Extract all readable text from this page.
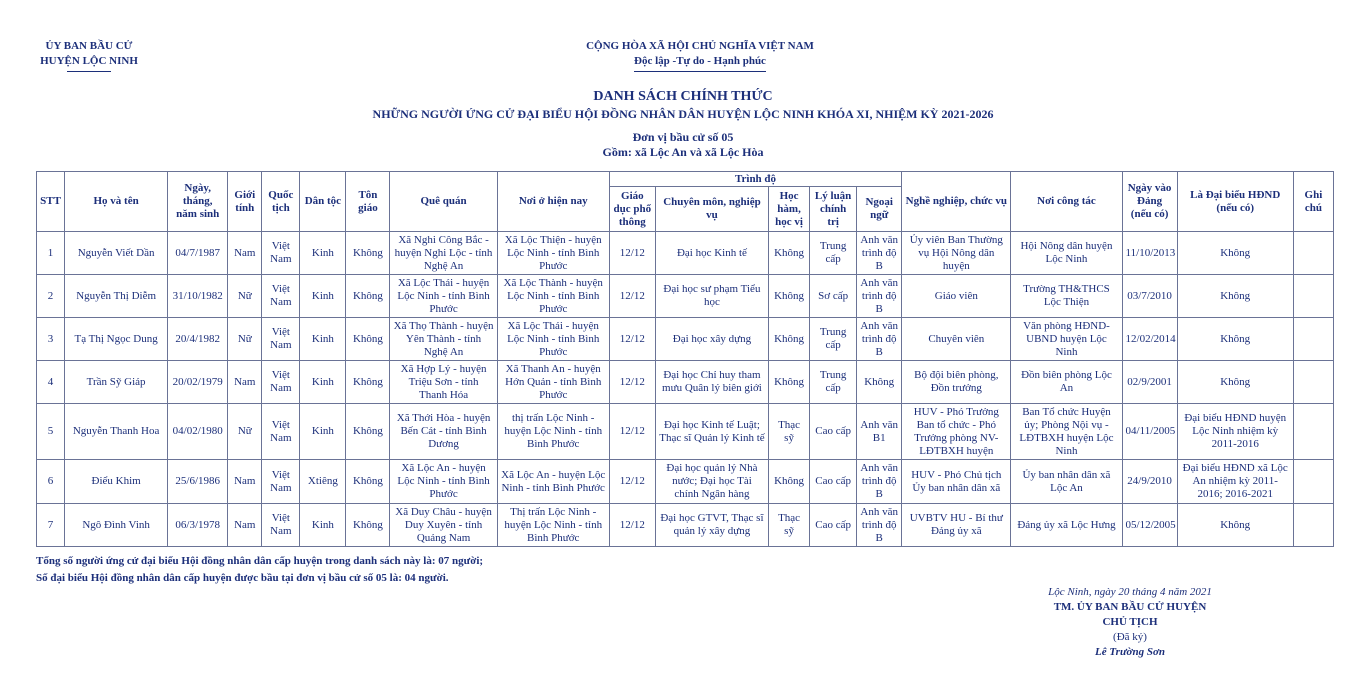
ỦY BAN BẦU CỬ
HUYỆN LỘC NINH
CỘNG HÒA XÃ HỘI CHỦ NGHĨA VIỆT NAM
Độc lập -Tự do - Hạnh phúc
DANH SÁCH CHÍNH THỨC
NHỮNG NGƯỜI ỨNG CỬ ĐẠI BIỂU HỘI ĐỒNG NHÂN DÂN HUYỆN LỘC NINH KHÓA XI, NHIỆM KỲ 2021-2026
Đơn vị bầu cử số 05
Gồm: xã Lộc An và xã Lộc Hòa
STT	Họ và tên	Ngày, tháng, năm sinh	Giới tính	Quốc tịch	Dân tộc	Tôn giáo	Quê quán	Nơi ở hiện nay	Trình độ					Nghề nghiệp, chức vụ	Nơi công tác	Ngày vào Đảng (nếu có)	Là Đại biểu HĐND (nếu có)	Ghi chú
									Giáo dục phổ thông	Chuyên môn, nghiệp vụ	Học hàm, học vị	Lý luận chính trị	Ngoại ngữ					
1	Nguyễn Viết Dần	04/7/1987	Nam	Việt Nam	Kinh	Không	Xã Nghi Công Bắc - huyện Nghi Lộc - tỉnh Nghệ An	Xã Lộc Thiện - huyện Lộc Ninh - tỉnh Bình Phước	12/12	Đại học Kinh tế	Không	Trung cấp	Anh văn trình độ B	Ủy viên Ban Thường vụ Hội Nông dân huyện	Hội Nông dân huyện Lộc Ninh	11/10/2013	Không	
2	Nguyễn Thị Diễm	31/10/1982	Nữ	Việt Nam	Kinh	Không	Xã Lộc Thái - huyện Lộc Ninh - tỉnh Bình Phước	Xã Lộc Thành - huyện Lộc Ninh - tỉnh Bình Phước	12/12	Đại học sư phạm Tiểu học	Không	Sơ cấp	Anh văn trình độ B	Giáo viên	Trường TH&THCS Lộc Thiện	03/7/2010	Không	
3	Tạ Thị Ngọc Dung	20/4/1982	Nữ	Việt Nam	Kinh	Không	Xã Thọ Thành - huyện Yên Thành - tỉnh Nghệ An	Xã Lộc Thái - huyện Lộc Ninh - tỉnh Bình Phước	12/12	Đại học xây dựng	Không	Trung cấp	Anh văn trình độ B	Chuyên viên	Văn phòng HĐND-UBND huyện Lộc Ninh	12/02/2014	Không	
4	Trần Sỹ Giáp	20/02/1979	Nam	Việt Nam	Kinh	Không	Xã Hợp Lý - huyện Triệu Sơn - tỉnh Thanh Hóa	Xã Thanh An - huyện Hớn Quản - tỉnh Bình Phước	12/12	Đại học Chỉ huy tham mưu Quân lý biên giới	Không	Trung cấp	Không	Bộ đội biên phòng, Đồn trưởng	Đồn biên phòng Lộc An	02/9/2001	Không	
5	Nguyễn Thanh Hoa	04/02/1980	Nữ	Việt Nam	Kinh	Không	Xã Thới Hòa - huyện Bến Cát - tỉnh Bình Dương	thị trấn Lộc Ninh - huyện Lộc Ninh - tỉnh Bình Phước	12/12	Đại học Kinh tế Luật; Thạc sĩ Quản lý Kinh tế	Thạc sỹ	Cao cấp	Anh văn B1	HUV - Phó Trưởng Ban tổ chức - Phó Trưởng phòng NV-LĐTBXH huyện	Ban Tổ chức Huyện ủy; Phòng Nội vụ - LĐTBXH huyện Lộc Ninh	04/11/2005	Đại biểu HĐND huyện Lộc Ninh nhiệm kỳ 2011-2016	
6	Điểu Khim	25/6/1986	Nam	Việt Nam	Xtiêng	Không	Xã Lộc An - huyện Lộc Ninh - tỉnh Bình Phước	Xã Lộc An - huyện Lộc Ninh - tỉnh Bình Phước	12/12	Đại học quản lý Nhà nước; Đại học Tài chính Ngân hàng	Không	Cao cấp	Anh văn trình độ B	HUV - Phó Chủ tịch Ủy ban nhân dân xã	Ủy ban nhân dân xã Lộc An	24/9/2010	Đại biểu HĐND xã Lộc An nhiệm kỳ 2011-2016; 2016-2021	
7	Ngô Đình Vinh	06/3/1978	Nam	Việt Nam	Kinh	Không	Xã Duy Châu - huyện Duy Xuyên - tỉnh Quảng Nam	Thị trấn Lộc Ninh - huyện Lộc Ninh - tỉnh Bình Phước	12/12	Đại học GTVT, Thạc sĩ quản lý xây dựng	Thạc sỹ	Cao cấp	Anh văn trình độ B	UVBTV HU - Bí thư Đảng ủy xã	Đảng ủy xã Lộc Hưng	05/12/2005	Không	
Tổng số người ứng cử đại biểu Hội đồng nhân dân cấp huyện trong danh sách này là: 07 người;
Số đại biểu Hội đồng nhân dân cấp huyện được bầu tại đơn vị bầu cử số 05 là: 04 người.
Lộc Ninh, ngày 20 tháng 4 năm 2021
TM. ỦY BAN BẦU CỬ HUYỆN
CHỦ TỊCH
(Đã ký)
Lê Trường Sơn
